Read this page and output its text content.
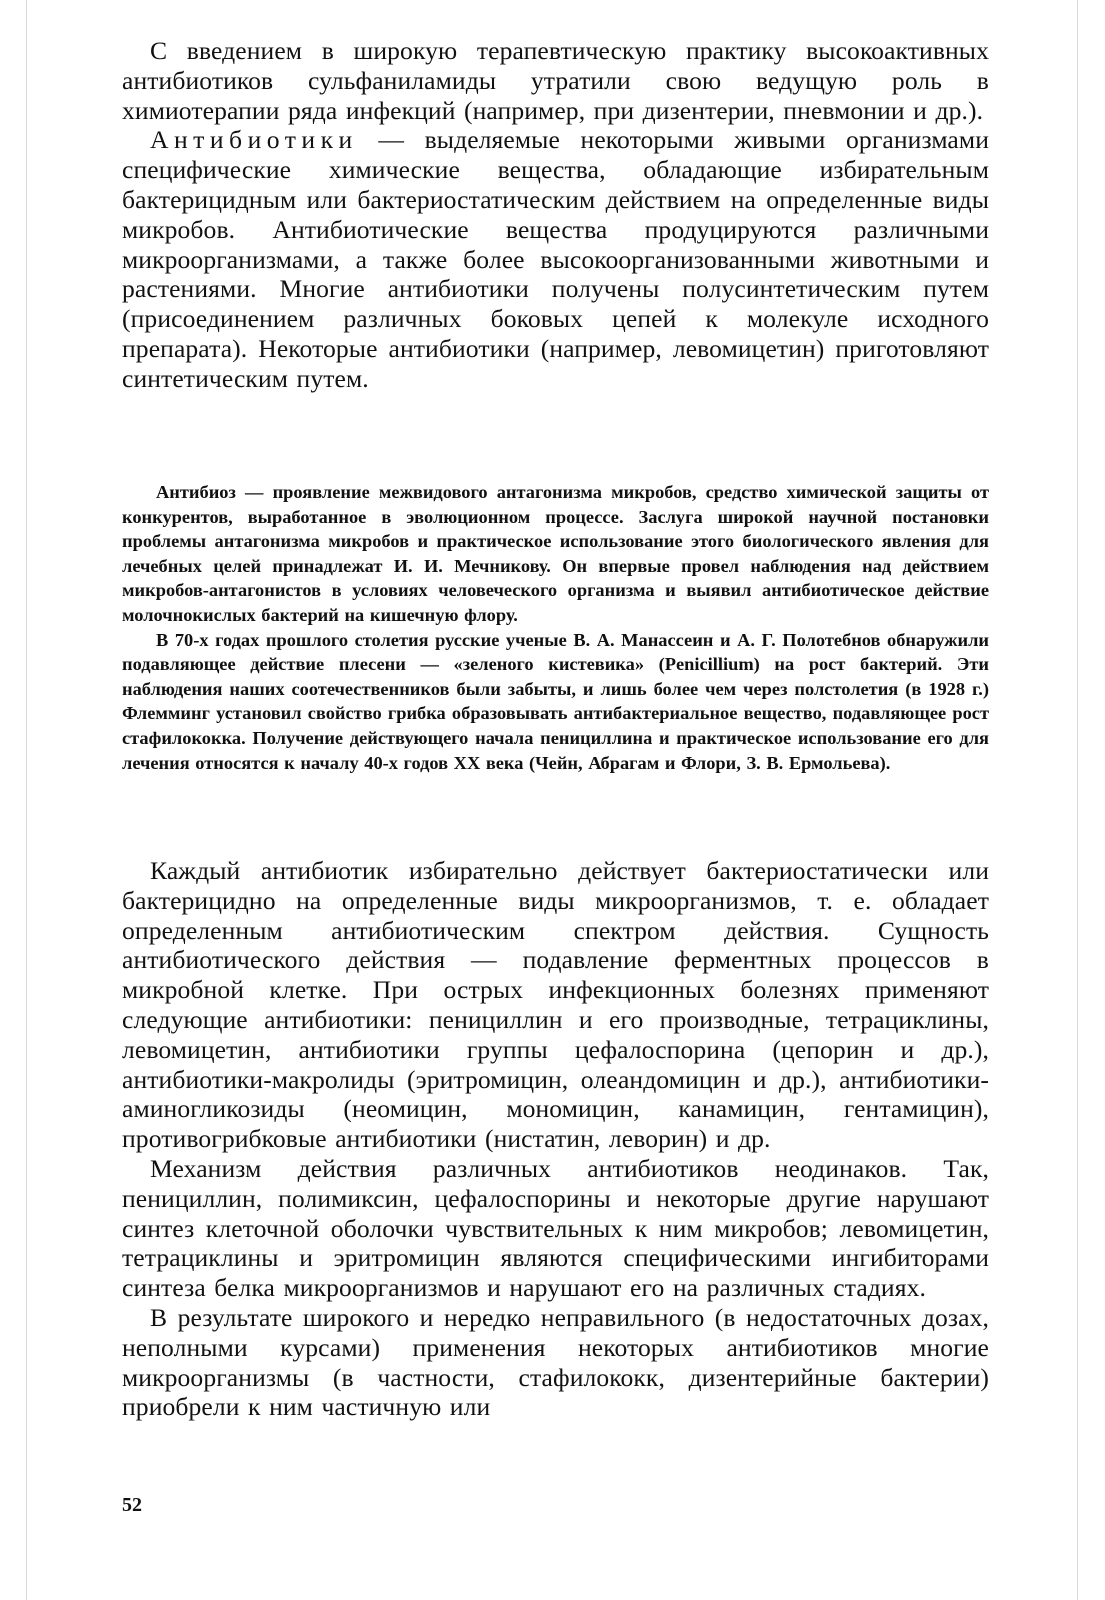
С введением в широкую терапевтическую практику высокоактивных антибиотиков сульфаниламиды утратили свою ведущую роль в химиотерапии ряда инфекций (например, при дизентерии, пневмонии и др.).

Антибиотики — выделяемые некоторыми живыми организмами специфические химические вещества, обладающие избирательным бактерицидным или бактериостатическим действием на определенные виды микробов. Антибиотические вещества продуцируются различными микроорганизмами, а также более высокоорганизованными животными и растениями. Многие антибиотики получены полусинтетическим путем (присоединением различных боковых цепей к молекуле исходного препарата). Некоторые антибиотики (например, левомицетин) приготовляют синтетическим путем.

Антибиоз — проявление межвидового антагонизма микробов, средство химической защиты от конкурентов, выработанное в эволюционном процессе. Заслуга широкой научной постановки проблемы антагонизма микробов и практическое использование этого биологического явления для лечебных целей принадлежат И. И. Мечникову. Он впервые провел наблюдения над действием микробов-антагонистов в условиях человеческого организма и выявил антибиотическое действие молочнокислых бактерий на кишечную флору.

В 70-х годах прошлого столетия русские ученые В. А. Манассеин и А. Г. Полотебнов обнаружили подавляющее действие плесени — «зеленого кистевика» (Penicillium) на рост бактерий. Эти наблюдения наших соотечественников были забыты, и лишь более чем через полстолетия (в 1928 г.) Флемминг установил свойство грибка образовывать антибактериальное вещество, подавляющее рост стафилококка. Получение действующего начала пенициллина и практическое использование его для лечения относятся к началу 40-х годов XX века (Чейн, Абрагам и Флори, З. В. Ермольева).

Каждый антибиотик избирательно действует бактериостатически или бактерицидно на определенные виды микроорганизмов, т. е. обладает определенным антибиотическим спектром действия. Сущность антибиотического действия — подавление ферментных процессов в микробной клетке. При острых инфекционных болезнях применяют следующие антибиотики: пенициллин и его производные, тетрациклины, левомицетин, антибиотики группы цефалоспорина (цепорин и др.), антибиотики-макролиды (эритромицин, олеандомицин и др.), антибиотики-аминогликозиды (неомицин, мономицин, канамицин, гентамицин), противогрибковые антибиотики (нистатин, леворин) и др.

Механизм действия различных антибиотиков неодинаков. Так, пенициллин, полимиксин, цефалоспорины и некоторые другие нарушают синтез клеточной оболочки чувствительных к ним микробов; левомицетин, тетрациклины и эритромицин являются специфическими ингибиторами синтеза белка микроорганизмов и нарушают его на различных стадиях.

В результате широкого и нередко неправильного (в недостаточных дозах, неполными курсами) применения некоторых антибиотиков многие микроорганизмы (в частности, стафилококк, дизентерийные бактерии) приобрели к ним частичную или

52
